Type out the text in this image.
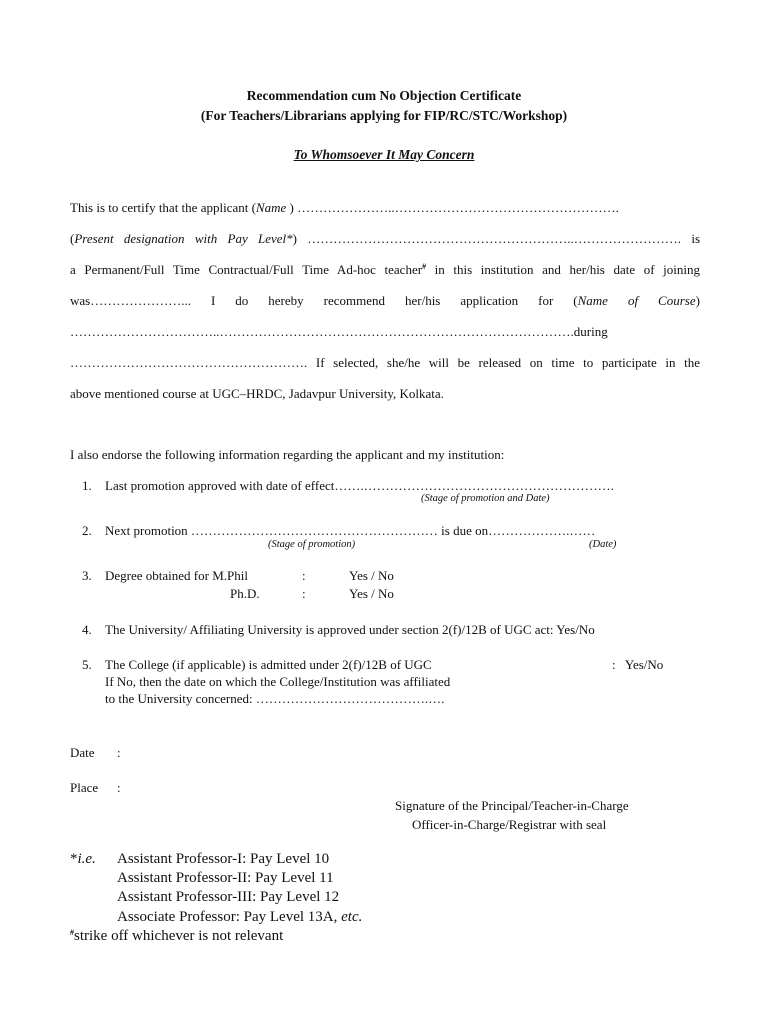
Recommendation cum No Objection Certificate
(For Teachers/Librarians applying for FIP/RC/STC/Workshop)
To Whomsoever It May Concern
This is to certify that the applicant (Name ) …………………..…………………………………………….
(Present designation with Pay Level*) ……………………………………………………..……………………. is
a Permanent/Full Time Contractual/Full Time Ad-hoc teacher# in this institution and her/his date of joining
was…………………... I do hereby recommend her/his application for (Name of Course)
……………………………..……………………………………………………………………….during
………………………………………………. If selected, she/he will be released on time to participate in the
above mentioned course at UGC–HRDC, Jadavpur University, Kolkata.
I also endorse the following information regarding the applicant and my institution:
1. Last promotion approved with date of effect…….………………………………………………….
(Stage of promotion and Date)
2. Next promotion ………………………………………………… is due on……………….……
(Stage of promotion)	(Date)
3. Degree obtained for M.Phil	:	Yes / No
Ph.D.	:	Yes / No
4. The University/ Affiliating University is approved under section 2(f)/12B of UGC act: Yes/No
5. The College (if applicable) is admitted under 2(f)/12B of UGC	:   Yes/No
If No, then the date on which the College/Institution was affiliated
to the University concerned: ………………………………….….
Date :
Place :
Signature of the Principal/Teacher-in-Charge
Officer-in-Charge/Registrar with seal
*i.e. Assistant Professor-I: Pay Level 10
Assistant Professor-II: Pay Level 11
Assistant Professor-III: Pay Level 12
Associate Professor: Pay Level 13A, etc.
#strike off whichever is not relevant
